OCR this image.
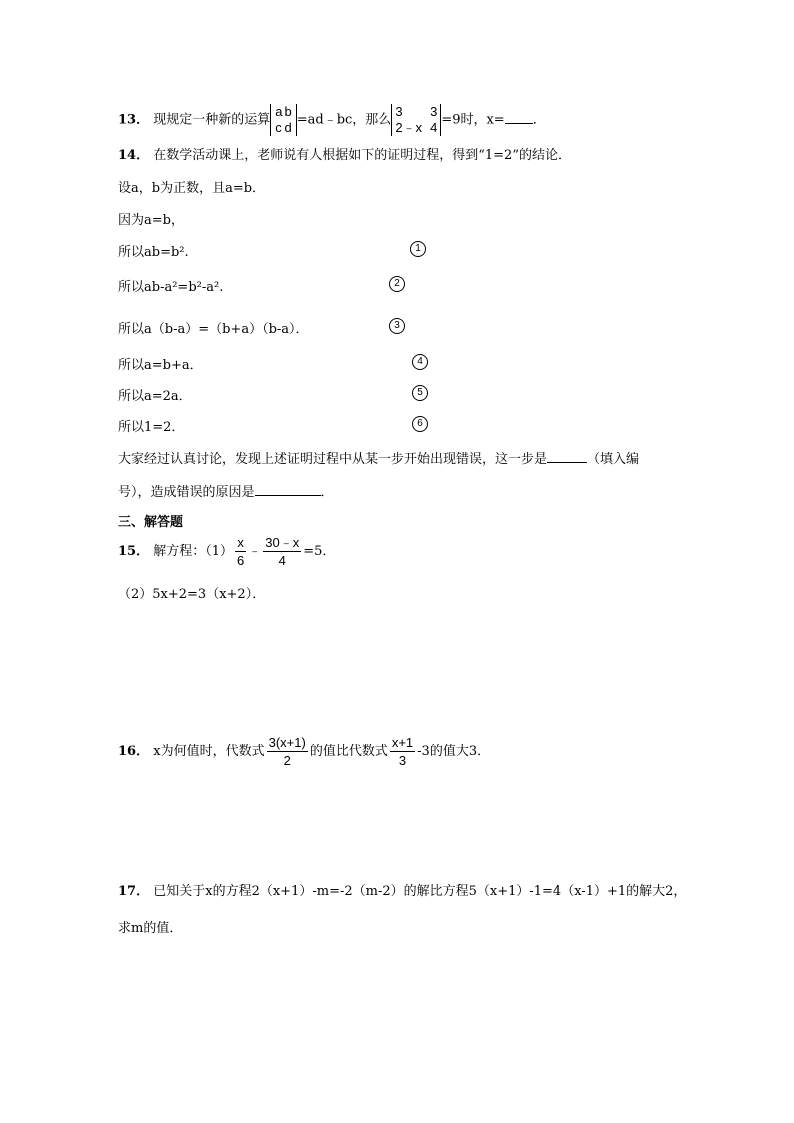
13． 现规定一种新的运算
a b
c d =ad﹣bc，那么
3 3
2﹣x 4 =9时，x= ．
14． 在数学活动课上，老师说有人根据如下的证明过程，得到“1=2”的结论．
设a，b为正数，且a=b．
因为a=b，
所以ab=b².	1
所以ab-a²=b²-a².	2
所以a（b-a）=（b+a）（b-a）．	3
所以a=b+a．	4
所以a=2a．	5
所以1=2．	6
大家经过认真讨论，发现上述证明过程中从某一步开始出现错误，这一步是	（填入编
号），造成错误的原因是	．
三、解答题
15． 解方程：$(1) \frac{x}{6}$ ﹣ $\frac{30﹣x}{4} =5$．
（2）5x+2=3（x+2）．
16． x为何值时，代数式 $\frac{3(x+1)}{2}$ 的值比代数式 $\frac{x+1}{3} -3$的值大3．
17． 已知关于x的方程2（x+1）-m=-2（m-2）的解比方程5（x+1）-1=4（x-1）+1的解大2，
求m的值．
